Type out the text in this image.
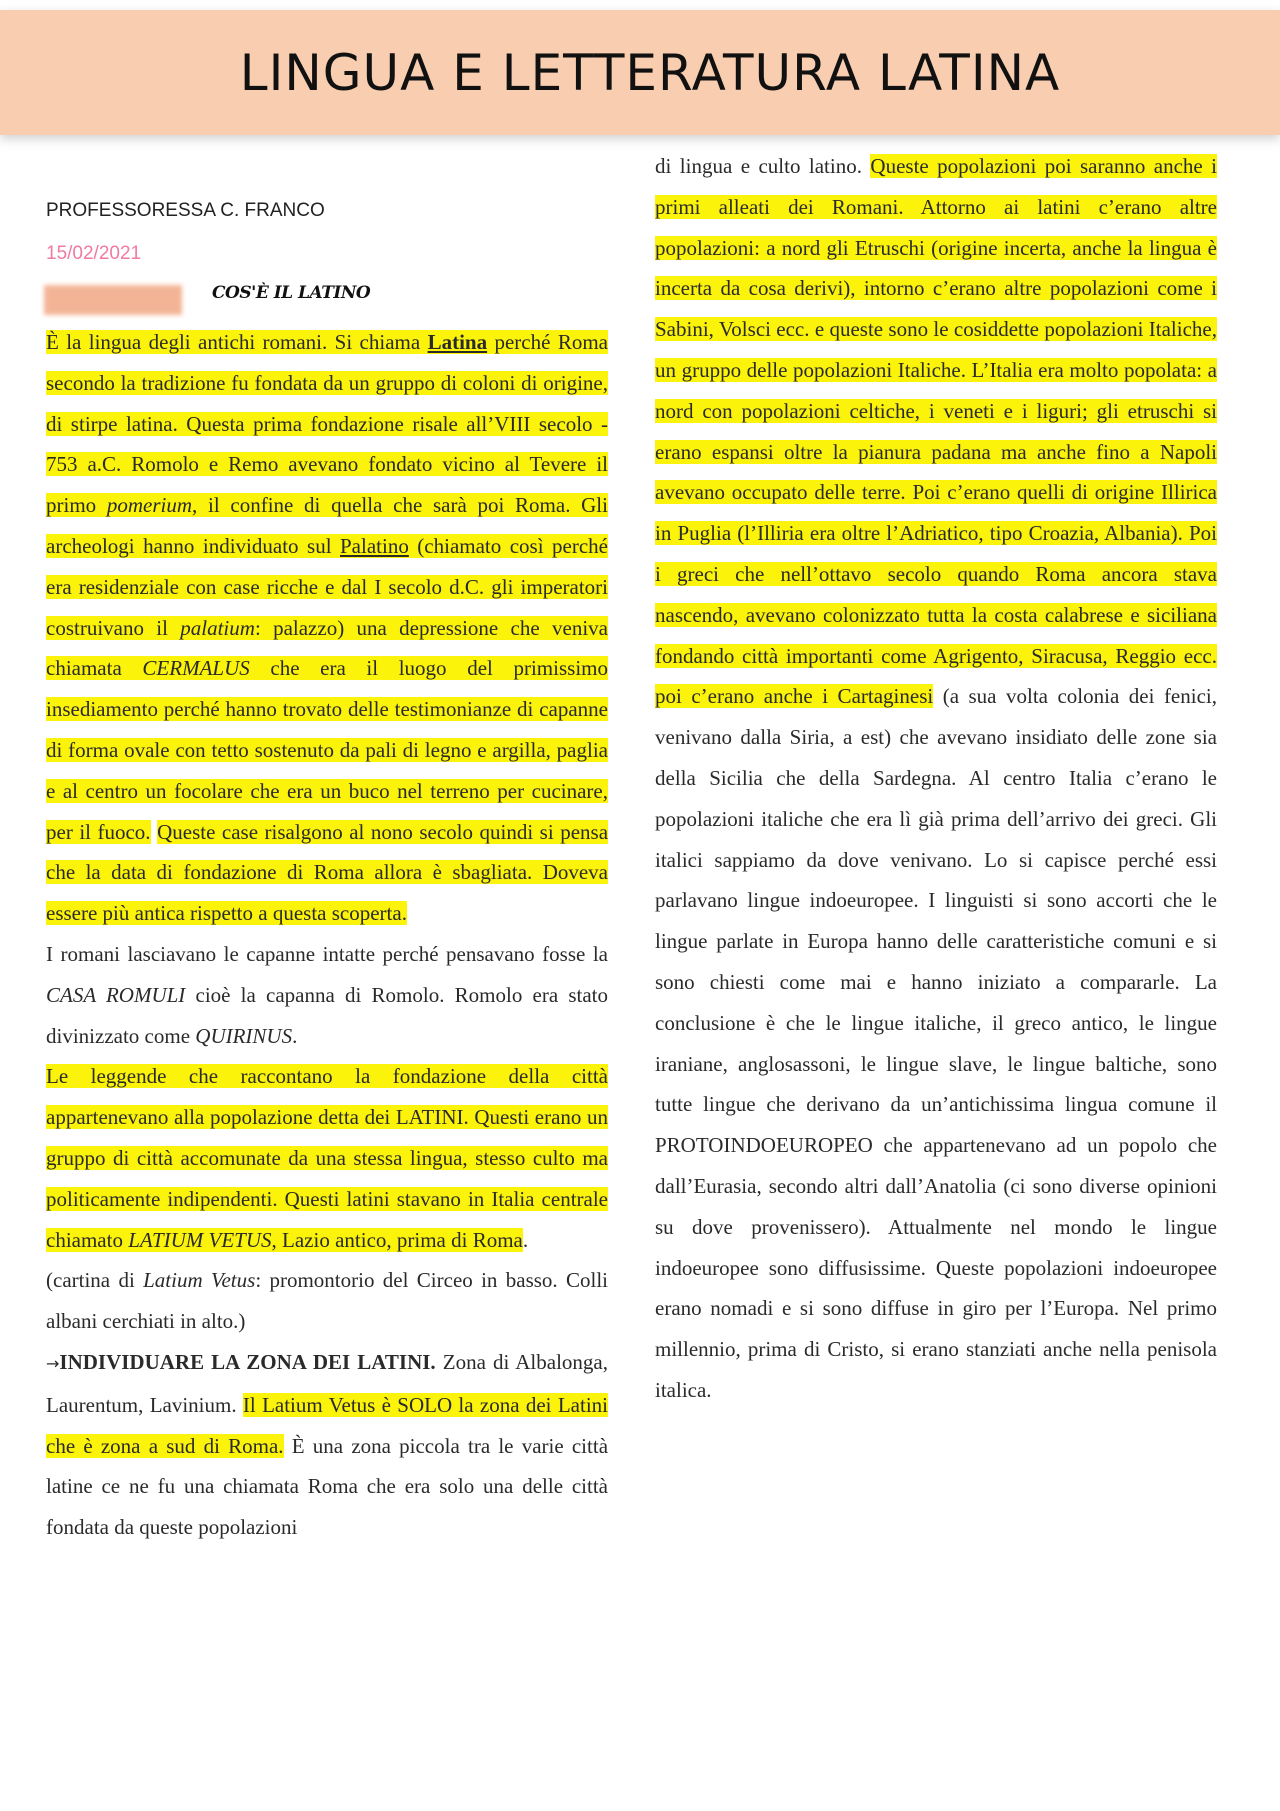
LINGUA E LETTERATURA LATINA
PROFESSORESSA C. FRANCO
15/02/2021
COS'È IL LATINO

È la lingua degli antichi romani. Si chiama Latina perché Roma secondo la tradizione fu fondata da un gruppo di coloni di origine, di stirpe latina. Questa prima fondazione risale all’VIII secolo - 753 a.C. Romolo e Remo avevano fondato vicino al Tevere il primo pomerium, il confine di quella che sarà poi Roma. Gli archeologi hanno individuato sul Palatino (chiamato così perché era residenziale con case ricche e dal I secolo d.C. gli imperatori costruivano il palatium: palazzo) una depressione che veniva chiamata CERMALUS che era il luogo del primissimo insediamento perché hanno trovato delle testimonianze di capanne di forma ovale con tetto sostenuto da pali di legno e argilla, paglia e al centro un focolare che era un buco nel terreno per cucinare, per il fuoco. Queste case risalgono al nono secolo quindi si pensa che la data di fondazione di Roma allora è sbagliata. Doveva essere più antica rispetto a questa scoperta.

I romani lasciavano le capanne intatte perché pensavano fosse la CASA ROMULI cioè la capanna di Romolo. Romolo era stato divinizzato come QUIRINUS.

Le leggende che raccontano la fondazione della città appartenevano alla popolazione detta dei LATINI. Questi erano un gruppo di città accomunate da una stessa lingua, stesso culto ma politicamente indipendenti. Questi latini stavano in Italia centrale chiamato LATIUM VETUS, Lazio antico, prima di Roma.

(cartina di Latium Vetus: promontorio del Circeo in basso. Colli albani cerchiati in alto.)

→INDIVIDUARE LA ZONA DEI LATINI. Zona di Albalonga, Laurentum, Lavinium. Il Latium Vetus è SOLO la zona dei Latini che è zona a sud di Roma. È una zona piccola tra le varie città latine ce ne fu una chiamata Roma che era solo una delle città fondata da queste popolazioni

di lingua e culto latino. Queste popolazioni poi saranno anche i primi alleati dei Romani. Attorno ai latini c’erano altre popolazioni: a nord gli Etruschi (origine incerta, anche la lingua è incerta da cosa derivi), intorno c’erano altre popolazioni come i Sabini, Volsci ecc. e queste sono le cosiddette popolazioni Italiche, un gruppo delle popolazioni Italiche. L’Italia era molto popolata: a nord con popolazioni celtiche, i veneti e i liguri; gli etruschi si erano espansi oltre la pianura padana ma anche fino a Napoli avevano occupato delle terre. Poi c’erano quelli di origine Illirica in Puglia (l’Illiria era oltre l’Adriatico, tipo Croazia, Albania). Poi i greci che nell’ottavo secolo quando Roma ancora stava nascendo, avevano colonizzato tutta la costa calabrese e siciliana fondando città importanti come Agrigento, Siracusa, Reggio ecc. poi c’erano anche i Cartaginesi (a sua volta colonia dei fenici, venivano dalla Siria, a est) che avevano insidiato delle zone sia della Sicilia che della Sardegna. Al centro Italia c’erano le popolazioni italiche che era lì già prima dell’arrivo dei greci. Gli italici sappiamo da dove venivano. Lo si capisce perché essi parlavano lingue indoeuropee. I linguisti si sono accorti che le lingue parlate in Europa hanno delle caratteristiche comuni e si sono chiesti come mai e hanno iniziato a compararle. La conclusione è che le lingue italiche, il greco antico, le lingue iraniane, anglosassoni, le lingue slave, le lingue baltiche, sono tutte lingue che derivano da un’antichissima lingua comune il PROTOINDOEUROPEO che appartenevano ad un popolo che dall’Eurasia, secondo altri dall’Anatolia (ci sono diverse opinioni su dove provenissero). Attualmente nel mondo le lingue indoeuropee sono diffusissime. Queste popolazioni indoeuropee erano nomadi e si sono diffuse in giro per l’Europa. Nel primo millennio, prima di Cristo, si erano stanziati anche nella penisola italica.
